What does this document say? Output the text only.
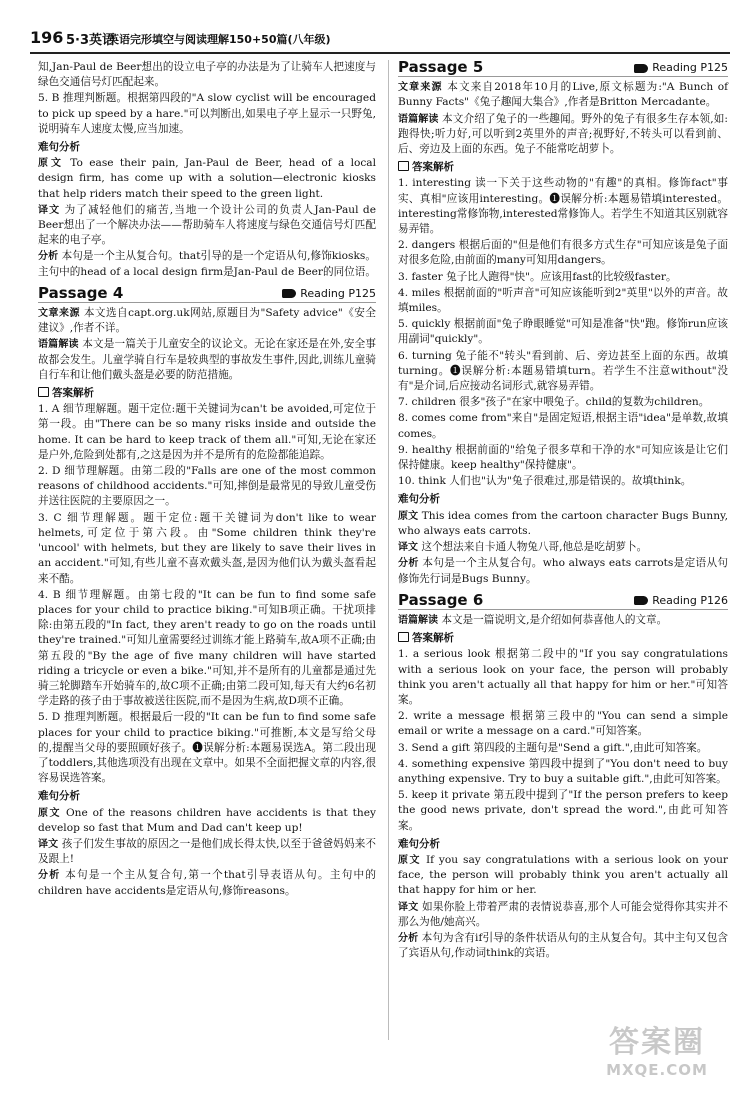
196 5·3英语
英语完形填空与阅读理解150+50篇(八年级)

知,Jan-Paul de Beer想出的设立电子亭的办法是为了让骑车人把速度与绿色交通信号灯匹配起来。

5. B 推理判断题。根据第四段的"A slow cyclist will be encouraged to pick up speed by a hare."可以判断出,如果电子亭上显示一只野兔,说明骑车人速度太慢,应当加速。

难句分析

原文 To ease their pain, Jan-Paul de Beer, head of a local design firm, has come up with a solution—electronic kiosks that help riders match their speed to the green light.

译文 为了减轻他们的痛苦,当地一个设计公司的负责人Jan-Paul de Beer想出了一个解决办法——帮助骑车人将速度与绿色交通信号灯匹配起来的电子亭。

分析 本句是一个主从复合句。that引导的是一个定语从句,修饰kiosks。主句中的head of a local design firm是Jan-Paul de Beer的同位语。

Passage 4	Reading P125

文章来源 本文选自capt.org.uk网站,原题目为"Safety advice"《安全建议》,作者不详。

语篇解读 本文是一篇关于儿童安全的议论文。无论在家还是在外,安全事故都会发生。儿童学骑自行车是较典型的事故发生事件,因此,训练儿童骑自行车和让他们戴头盔是必要的防范措施。

答案解析

1. A 细节理解题。题干定位:题干关键词为can't be avoided,可定位于第一段。由"There can be so many risks inside and outside the home. It can be hard to keep track of them all."可知,无论在家还是户外,危险到处都有,之这是因为并不是所有的危险都能追踪。

2. D 细节理解题。由第二段的"Falls are one of the most common reasons of childhood accidents."可知,摔倒是最常见的导致儿童受伤并送往医院的主要原因之一。

3. C 细节理解题。题干定位:题干关键词为don't like to wear helmets,可定位于第六段。由"Some children think they're 'uncool' with helmets, but they are likely to save their lives in an accident."可知,有些儿童不喜欢戴头盔,是因为他们认为戴头盔看起来不酷。

4. B 细节理解题。由第七段的"It can be fun to find some safe places for your child to practice biking."可知B项正确。干扰项排除:由第五段的"In fact, they aren't ready to go on the roads until they're trained."可知儿童需要经过训练才能上路骑车,故A项不正确;由第五段的"By the age of five many children will have started riding a tricycle or even a bike."可知,并不是所有的儿童都是通过先骑三轮脚踏车开始骑车的,故C项不正确;由第二段可知,每天有大约6名初学走路的孩子由于事故被送往医院,而不是因为生病,故D项不正确。

5. D 推理判断题。根据最后一段的"It can be fun to find some safe places for your child to practice biking."可推断,本文是写给父母的,提醒当父母的要照顾好孩子。❶误解分析:本题易误选A。第二段出现了toddlers,其他选项没有出现在文章中。如果不全面把握文章的内容,很容易误选答案。

难句分析

原文 One of the reasons children have accidents is that they develop so fast that Mum and Dad can't keep up!

译文 孩子们发生事故的原因之一是他们成长得太快,以至于爸爸妈妈来不及跟上!

分析 本句是一个主从复合句,第一个that引导表语从句。主句中的children have accidents是定语从句,修饰reasons。

Passage 5	Reading P125

文章来源 本文来自2018年10月的Live,原文标题为:"A Bunch of Bunny Facts"《兔子趣闻大集合》,作者是Britton Mercadante。

语篇解读 本文介绍了兔子的一些趣闻。野外的兔子有很多生存本领,如:跑得快;听力好,可以听到2英里外的声音;视野好,不转头可以看到前、后、旁边及上面的东西。兔子不能常吃胡萝卜。

答案解析

1. interesting 读一下关于这些动物的"有趣"的真相。修饰fact"事实、真相"应该用interesting。❶误解分析:本题易错填interested。interesting常修饰物,interested常修饰人。若学生不知道其区别就容易弄错。

2. dangers 根据后面的"但是他们有很多方式生存"可知应该是兔子面对很多危险,由前面的many可知用dangers。

3. faster 兔子比人跑得"快"。应该用fast的比较级faster。

4. miles 根据前面的"听声音"可知应该能听到2"英里"以外的声音。故填miles。

5. quickly 根据前面"兔子睁眼睡觉"可知是准备"快"跑。修饰run应该用副词"quickly"。

6. turning 兔子能不"转头"看到前、后、旁边甚至上面的东西。故填turning。❶误解分析:本题易错填turn。若学生不注意without"没有"是介词,后应接动名词形式,就容易弄错。

7. children 很多"孩子"在家中喂兔子。child的复数为children。

8. comes come from"来自"是固定短语,根据主语"idea"是单数,故填comes。

9. healthy 根据前面的"给兔子很多草和干净的水"可知应该是让它们保持健康。keep healthy"保持健康"。

10. think 人们也"认为"兔子很难过,那是错误的。故填think。

难句分析

原文 This idea comes from the cartoon character Bugs Bunny, who always eats carrots.

译文 这个想法来自卡通人物兔八哥,他总是吃胡萝卜。

分析 本句是一个主从复合句。who always eats carrots是定语从句修饰先行词是Bugs Bunny。

Passage 6	Reading P126

语篇解读 本文是一篇说明文,是介绍如何恭喜他人的文章。

答案解析

1. a serious look 根据第二段中的"If you say congratulations with a serious look on your face, the person will probably think you aren't actually all that happy for him or her."可知答案。

2. write a message 根据第三段中的"You can send a simple email or write a message on a card."可知答案。

3. Send a gift 第四段的主题句是"Send a gift.",由此可知答案。

4. something expensive 第四段中提到了"You don't need to buy anything expensive. Try to buy a suitable gift.",由此可知答案。

5. keep it private 第五段中提到了"If the person prefers to keep the good news private, don't spread the word.",由此可知答案。

难句分析

原文 If you say congratulations with a serious look on your face, the person will probably think you aren't actually all that happy for him or her.

译文 如果你脸上带着严肃的表情说恭喜,那个人可能会觉得你其实并不那么为他/她高兴。

分析 本句为含有if引导的条件状语从句的主从复合句。其中主句又包含了宾语从句,作动词think的宾语。

答案圈
MXQE.COM
